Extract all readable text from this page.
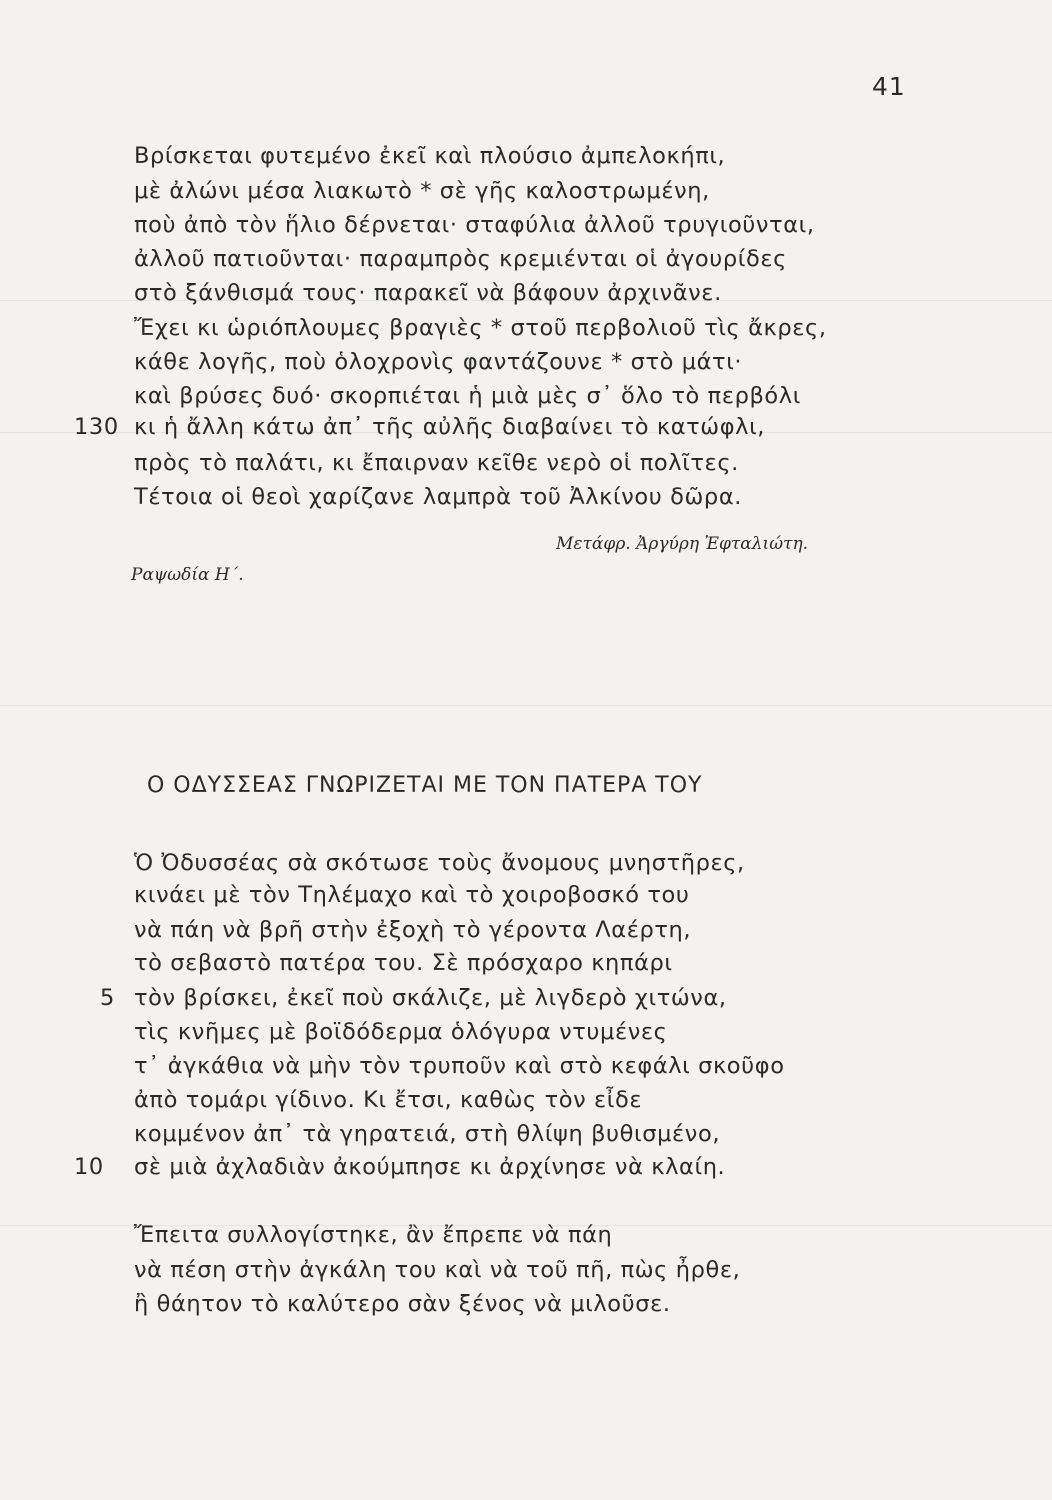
41
Βρίσκεται φυτεμένο ἐκεῖ καὶ πλούσιο ἀμπελοκήπι,
μὲ ἀλώνι μέσα λιακωτὸ * σὲ γῆς καλοστρωμένη,
ποὺ ἀπὸ τὸν ἥλιο δέρνεται· σταφύλια ἀλλοῦ τρυγιοῦνται,
ἀλλοῦ πατιοῦνται· παραμπρὸς κρεμιένται οἱ ἀγουρίδες
στὸ ξάνθισμά τους· παρακεῖ νὰ βάφουν ἀρχινᾶνε.
Ἔχει κι ὡριόπλουμες βραγιὲς * στοῦ περβολιοῦ τὶς ἄκρες,
κάθε λογῆς, ποὺ ὁλοχρονὶς φαντάζουνε * στὸ μάτι·
καὶ βρύσες δυό· σκορπιέται ἡ μιὰ μὲς σ᾽ ὅλο τὸ περβόλι
130 κι ἡ ἄλλη κάτω ἀπ᾽ τῆς αὐλῆς διαβαίνει τὸ κατώφλι,
πρὸς τὸ παλάτι, κι ἔπαιρναν κεῖθε νερὸ οἱ πολῖτες.
Τέτοια οἱ θεοὶ χαρίζανε λαμπρὰ τοῦ Ἀλκίνου δῶρα.
Μετάφρ. Ἀργύρη Ἐφταλιώτη.
Ραψωδία Η΄.
Ο ΟΔΥΣΣΕΑΣ ΓΝΩΡΙΖΕΤΑΙ ΜΕ ΤΟΝ ΠΑΤΕΡΑ ΤΟΥ
Ὁ Ὀδυσσέας σὰ σκότωσε τοὺς ἄνομους μνηστῆρες,
κινάει μὲ τὸν Τηλέμαχο καὶ τὸ χοιροβοσκό του
νὰ πάη νὰ βρῆ στὴν ἐξοχὴ τὸ γέροντα Λαέρτη,
τὸ σεβαστὸ πατέρα του. Σὲ πρόσχαρο κηπάρι
5 τὸν βρίσκει, ἐκεῖ ποὺ σκάλιζε, μὲ λιγδερὸ χιτώνα,
τὶς κνῆμες μὲ βοϊδόδερμα ὁλόγυρα ντυμένες
τ᾽ ἀγκάθια νὰ μὴν τὸν τρυποῦν καὶ στὸ κεφάλι σκοῦφο
ἀπὸ τομάρι γίδινο. Κι ἔτσι, καθὼς τὸν εἶδε
κομμένον ἀπ᾽ τὰ γηρατειά, στὴ θλίψη βυθισμένο,
10 σὲ μιὰ ἀχλαδιὰν ἀκούμπησε κι ἀρχίνησε νὰ κλαίη.
Ἔπειτα συλλογίστηκε, ἂν ἔπρεπε νὰ πάη
νὰ πέση στὴν ἀγκάλη του καὶ νὰ τοῦ πῆ, πὼς ἦρθε,
ἢ θάητον τὸ καλύτερο σὰν ξένος νὰ μιλοῦσε.
